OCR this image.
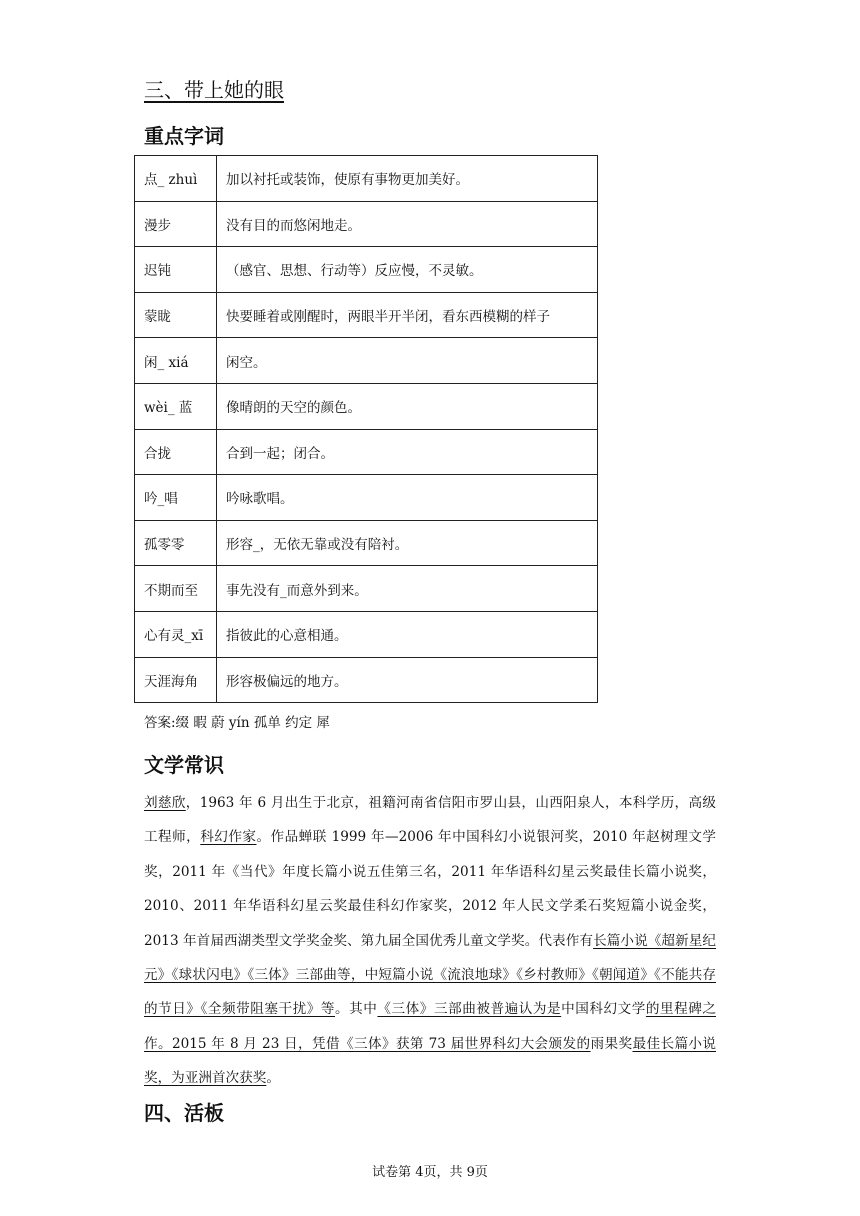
三、带上她的眼
重点字词
点_ zhuì	加以衬托或装饰，使原有事物更加美好。
漫步	没有目的而悠闲地走。
迟钝	（感官、思想、行动等）反应慢，不灵敏。
蒙眬	快要睡着或刚醒时，两眼半开半闭，看东西模糊的样子
闲_ xiá	闲空。
wèi_ 蓝	像晴朗的天空的颜色。
合拢	合到一起；闭合。
吟_唱	吟咏歌唱。
孤零零	形容_，无依无靠或没有陪衬。
不期而至	事先没有_而意外到来。
心有灵_xī	指彼此的心意相通。
天涯海角	形容极偏远的地方。
答案:缀 暇 蔚 yín 孤单 约定 犀
文学常识
刘慈欣，1963 年 6 月出生于北京，祖籍河南省信阳市罗山县，山西阳泉人，本科学历，高级工程师，科幻作家。作品蝉联 1999 年—2006 年中国科幻小说银河奖，2010 年赵树理文学奖，2011 年《当代》年度长篇小说五佳第三名，2011 年华语科幻星云奖最佳长篇小说奖，2010、2011 年华语科幻星云奖最佳科幻作家奖，2012 年人民文学柔石奖短篇小说金奖，2013 年首届西湖类型文学奖金奖、第九届全国优秀儿童文学奖。代表作有长篇小说《超新星纪元》《球状闪电》《三体》三部曲等，中短篇小说《流浪地球》《乡村教师》《朝闻道》《不能共存的节日》《全频带阻塞干扰》等。其中《三体》三部曲被普遍认为是中国科幻文学的里程碑之作。2015 年 8 月 23 日，凭借《三体》获第 73 届世界科幻大会颁发的雨果奖最佳长篇小说奖，为亚洲首次获奖。
四、活板
试卷第 4页，共 9页
